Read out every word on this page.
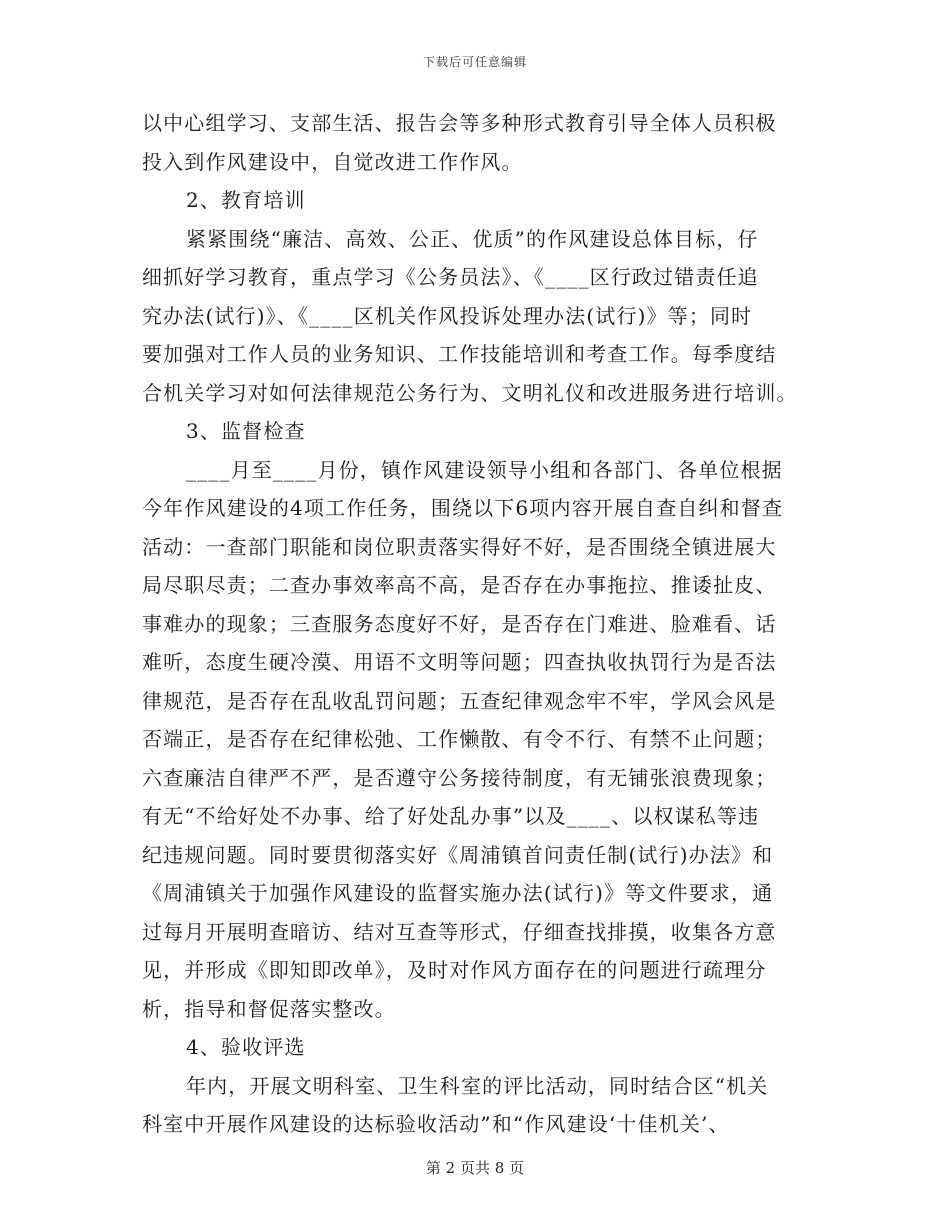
下载后可任意编辑
以中心组学习、支部生活、报告会等多种形式教育引导全体人员积极
投入到作风建设中，自觉改进工作作风。
2、教育培训
紧紧围绕“廉洁、高效、公正、优质”的作风建设总体目标，仔
细抓好学习教育，重点学习《公务员法》、《____区行政过错责任追
究办法(试行)》、《____区机关作风投诉处理办法(试行)》等；同时
要加强对工作人员的业务知识、工作技能培训和考查工作。每季度结
合机关学习对如何法律规范公务行为、文明礼仪和改进服务进行培训。
3、监督检查
____月至____月份，镇作风建设领导小组和各部门、各单位根据
今年作风建设的4项工作任务，围绕以下6项内容开展自查自纠和督查
活动：一查部门职能和岗位职责落实得好不好，是否围绕全镇进展大
局尽职尽责；二查办事效率高不高，是否存在办事拖拉、推诿扯皮、
事难办的现象；三查服务态度好不好，是否存在门难进、脸难看、话
难听，态度生硬冷漠、用语不文明等问题；四查执收执罚行为是否法
律规范，是否存在乱收乱罚问题；五查纪律观念牢不牢，学风会风是
否端正，是否存在纪律松弛、工作懒散、有令不行、有禁不止问题；
六查廉洁自律严不严，是否遵守公务接待制度，有无铺张浪费现象；
有无“不给好处不办事、给了好处乱办事”以及____、以权谋私等违
纪违规问题。同时要贯彻落实好《周浦镇首问责任制(试行)办法》和
《周浦镇关于加强作风建设的监督实施办法(试行)》等文件要求，通
过每月开展明查暗访、结对互查等形式，仔细查找排摸，收集各方意
见，并形成《即知即改单》，及时对作风方面存在的问题进行疏理分
析，指导和督促落实整改。
4、验收评选
年内，开展文明科室、卫生科室的评比活动，同时结合区“机关
科室中开展作风建设的达标验收活动”和“作风建设‘十佳机关’、
第 2 页共 8 页
